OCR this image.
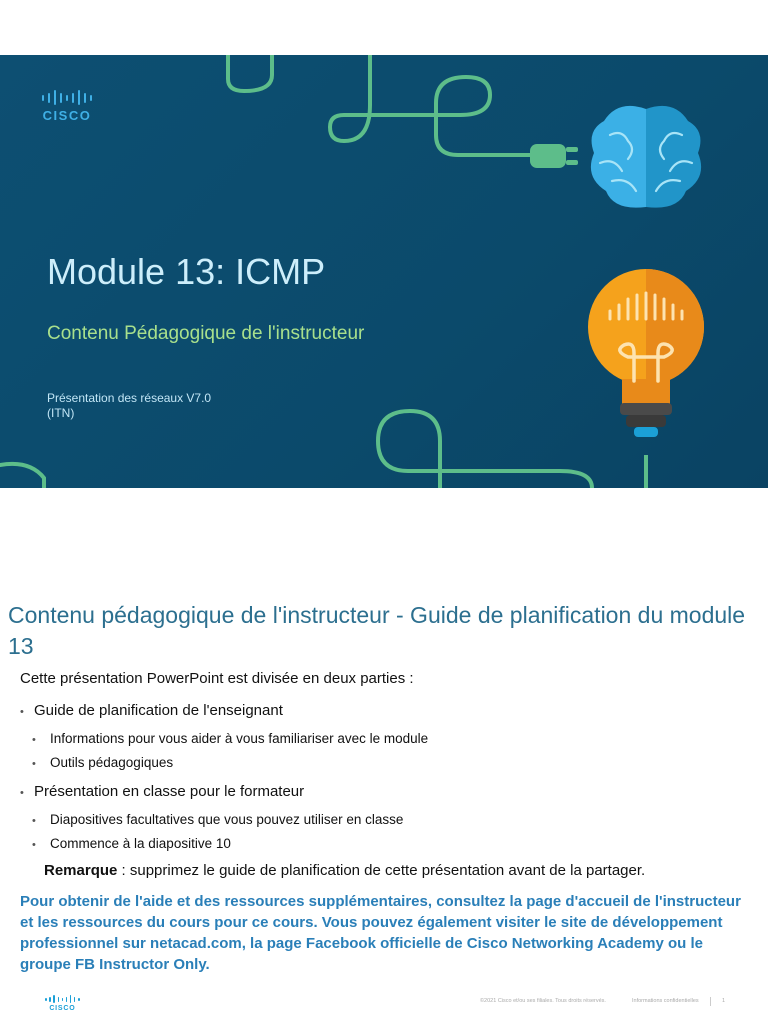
CISCO
Module 13: ICMP
Contenu Pédagogique de l'instructeur
Présentation des réseaux V7.0
(ITN)
Contenu pédagogique de l'instructeur - Guide de planification du module 13
Cette présentation PowerPoint est divisée en deux parties :
• Guide de planification de l'enseignant
• Informations pour vous aider à vous familiariser avec le module
• Outils pédagogiques
• Présentation en classe pour le formateur
• Diapositives facultatives que vous pouvez utiliser en classe
• Commence à la diapositive 10
Remarque : supprimez le guide de planification de cette présentation avant de la partager.
Pour obtenir de l'aide et des ressources supplémentaires, consultez la page d'accueil de l'instructeur et les ressources du cours pour ce cours. Vous pouvez également visiter le site de développement professionnel sur netacad.com, la page Facebook officielle de Cisco Networking Academy ou le groupe FB Instructor Only.
CISCO
©2021 Cisco et/ou ses filiales. Tous droits réservés.	Informations confidentielles	1
